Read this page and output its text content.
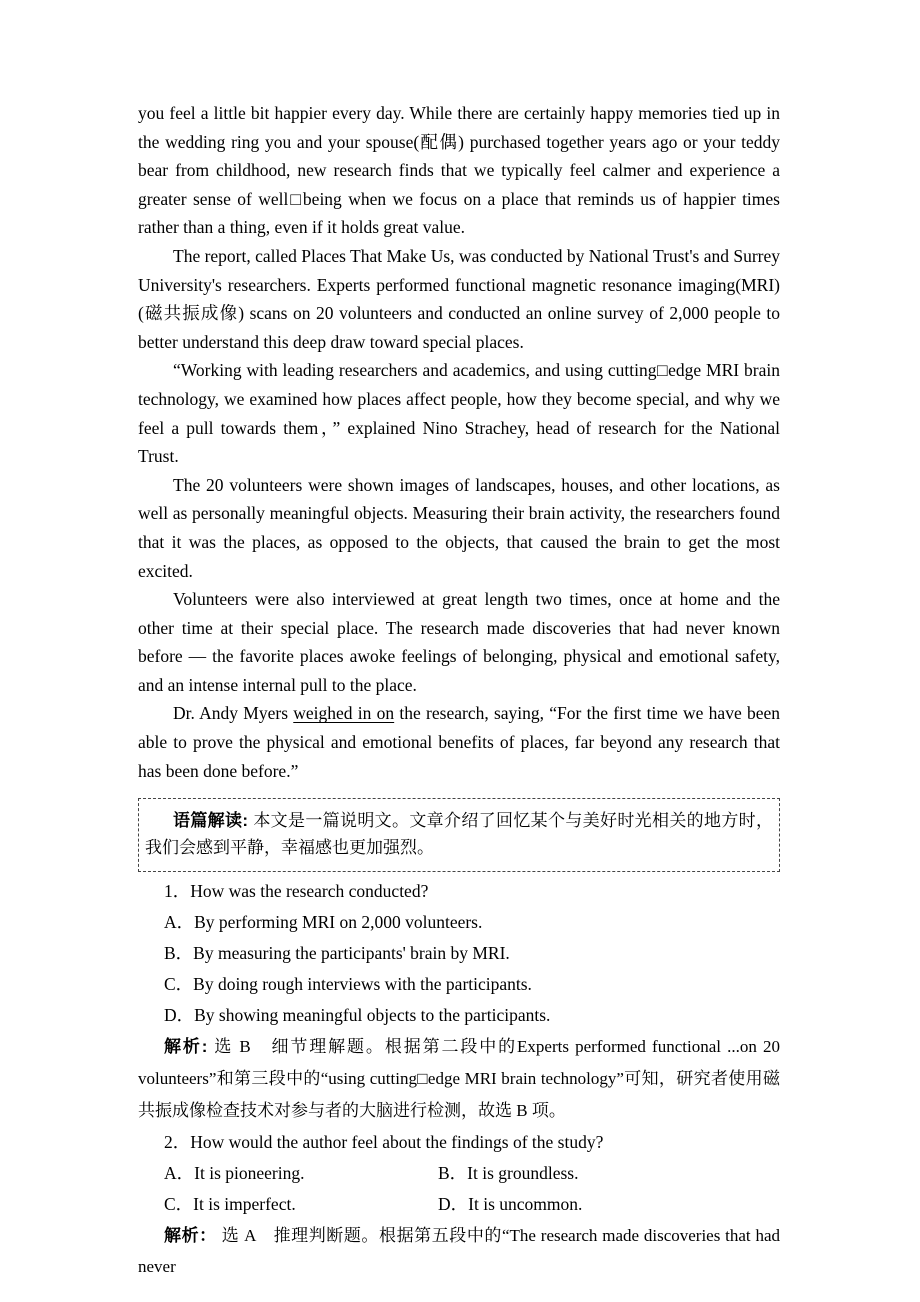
you feel a little bit happier every day. While there are certainly happy memories tied up in the wedding ring you and your spouse(配偶) purchased together years ago or your teddy bear from childhood, new research finds that we typically feel calmer and experience a greater sense of well□being when we focus on a place that reminds us of happier times rather than a thing, even if it holds great value.

The report, called Places That Make Us, was conducted by National Trust's and Surrey University's researchers. Experts performed functional magnetic resonance imaging(MRI)(磁共振成像) scans on 20 volunteers and conducted an online survey of 2,000 people to better understand this deep draw toward special places.

“Working with leading researchers and academics, and using cutting□edge MRI brain technology, we examined how places affect people, how they become special, and why we feel a pull towards them，” explained Nino Strachey, head of research for the National Trust.

The 20 volunteers were shown images of landscapes, houses, and other locations, as well as personally meaningful objects. Measuring their brain activity, the researchers found that it was the places, as opposed to the objects, that caused the brain to get the most excited.

Volunteers were also interviewed at great length two times, once at home and the other time at their special place. The research made discoveries that had never known before — the favorite places awoke feelings of belonging, physical and emotional safety, and an intense internal pull to the place.

Dr. Andy Myers weighed in on the research, saying, “For the first time we have been able to prove the physical and emotional benefits of places, far beyond any research that has been done before.”

语篇解读: 本文是一篇说明文。文章介绍了回忆某个与美好时光相关的地方时，我们会感到平静，幸福感也更加强烈。

1．How was the research conducted?
A．By performing MRI on 2,000 volunteers.
B．By measuring the participants' brain by MRI.
C．By doing rough interviews with the participants.
D．By showing meaningful objects to the participants.

解析: 选 B　细节理解题。根据第二段中的Experts performed functional ...on 20 volunteers”和第三段中的“using cutting□edge MRI brain technology”可知，研究者使用磁共振成像检查技术对参与者的大脑进行检测，故选 B 项。

2．How would the author feel about the findings of the study?
A．It is pioneering.	B．It is groundless.
C．It is imperfect.	D．It is uncommon.

解析： 选 A　推理判断题。根据第五段中的“The research made discoveries that had never
